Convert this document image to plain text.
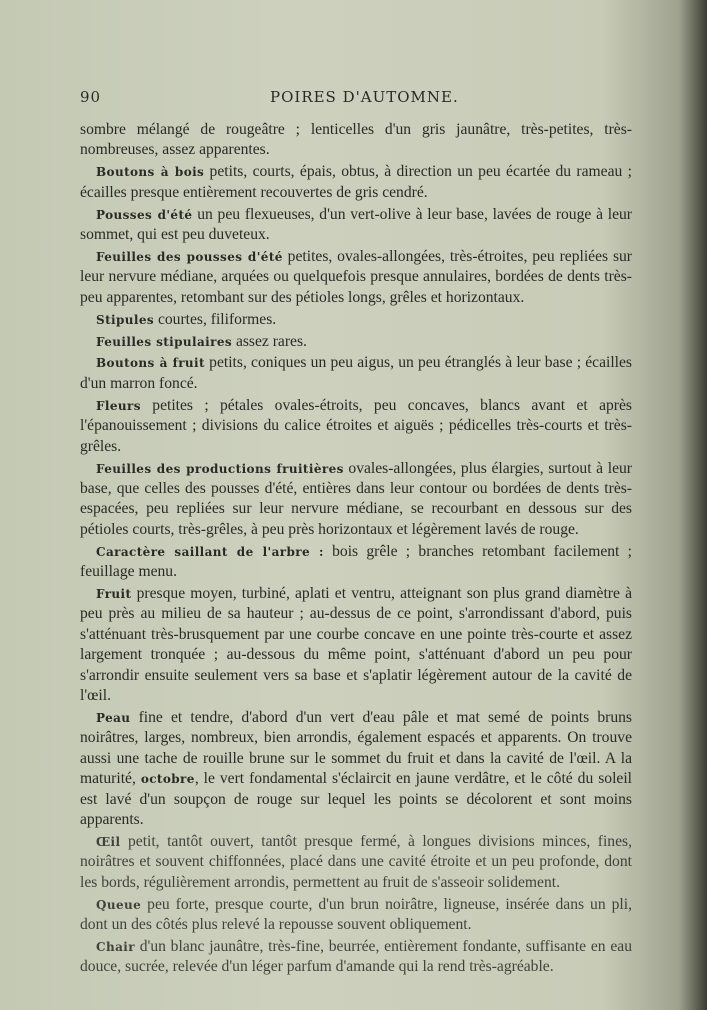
90	POIRES D'AUTOMNE.

sombre mélangé de rougeâtre ; lenticelles d'un gris jaunâtre, très-petites, très-nombreuses, assez apparentes.

Boutons à bois petits, courts, épais, obtus, à direction un peu écartée du rameau ; écailles presque entièrement recouvertes de gris cendré.

Pousses d'été un peu flexueuses, d'un vert-olive à leur base, lavées de rouge à leur sommet, qui est peu duveteux.

Feuilles des pousses d'été petites, ovales-allongées, très-étroites, peu repliées sur leur nervure médiane, arquées ou quelquefois presque annulaires, bordées de dents très-peu apparentes, retombant sur des pétioles longs, grêles et horizontaux.

Stipules courtes, filiformes.

Feuilles stipulaires assez rares.

Boutons à fruit petits, coniques un peu aigus, un peu étranglés à leur base ; écailles d'un marron foncé.

Fleurs petites ; pétales ovales-étroits, peu concaves, blancs avant et après l'épanouissement ; divisions du calice étroites et aiguës ; pédicelles très-courts et très-grêles.

Feuilles des productions fruitières ovales-allongées, plus élargies, surtout à leur base, que celles des pousses d'été, entières dans leur contour ou bordées de dents très-espacées, peu repliées sur leur nervure médiane, se recourbant en dessous sur des pétioles courts, très-grêles, à peu près horizontaux et légèrement lavés de rouge.

Caractère saillant de l'arbre : bois grêle ; branches retombant facilement ; feuillage menu.

Fruit presque moyen, turbiné, aplati et ventru, atteignant son plus grand diamètre à peu près au milieu de sa hauteur ; au-dessus de ce point, s'arrondissant d'abord, puis s'atténuant très-brusquement par une courbe concave en une pointe très-courte et assez largement tronquée ; au-dessous du même point, s'atténuant d'abord un peu pour s'arrondir ensuite seulement vers sa base et s'aplatir légèrement autour de la cavité de l'œil.

Peau fine et tendre, d'abord d'un vert d'eau pâle et mat semé de points bruns noirâtres, larges, nombreux, bien arrondis, également espacés et apparents. On trouve aussi une tache de rouille brune sur le sommet du fruit et dans la cavité de l'œil. A la maturité, octobre, le vert fondamental s'éclaircit en jaune verdâtre, et le côté du soleil est lavé d'un soupçon de rouge sur lequel les points se décolorent et sont moins apparents.

Œil petit, tantôt ouvert, tantôt presque fermé, à longues divisions minces, fines, noirâtres et souvent chiffonnées, placé dans une cavité étroite et un peu profonde, dont les bords, régulièrement arrondis, permettent au fruit de s'asseoir solidement.

Queue peu forte, presque courte, d'un brun noirâtre, ligneuse, insérée dans un pli, dont un des côtés plus relevé la repousse souvent obliquement.

Chair d'un blanc jaunâtre, très-fine, beurrée, entièrement fondante, suffisante en eau douce, sucrée, relevée d'un léger parfum d'amande qui la rend très-agréable.
